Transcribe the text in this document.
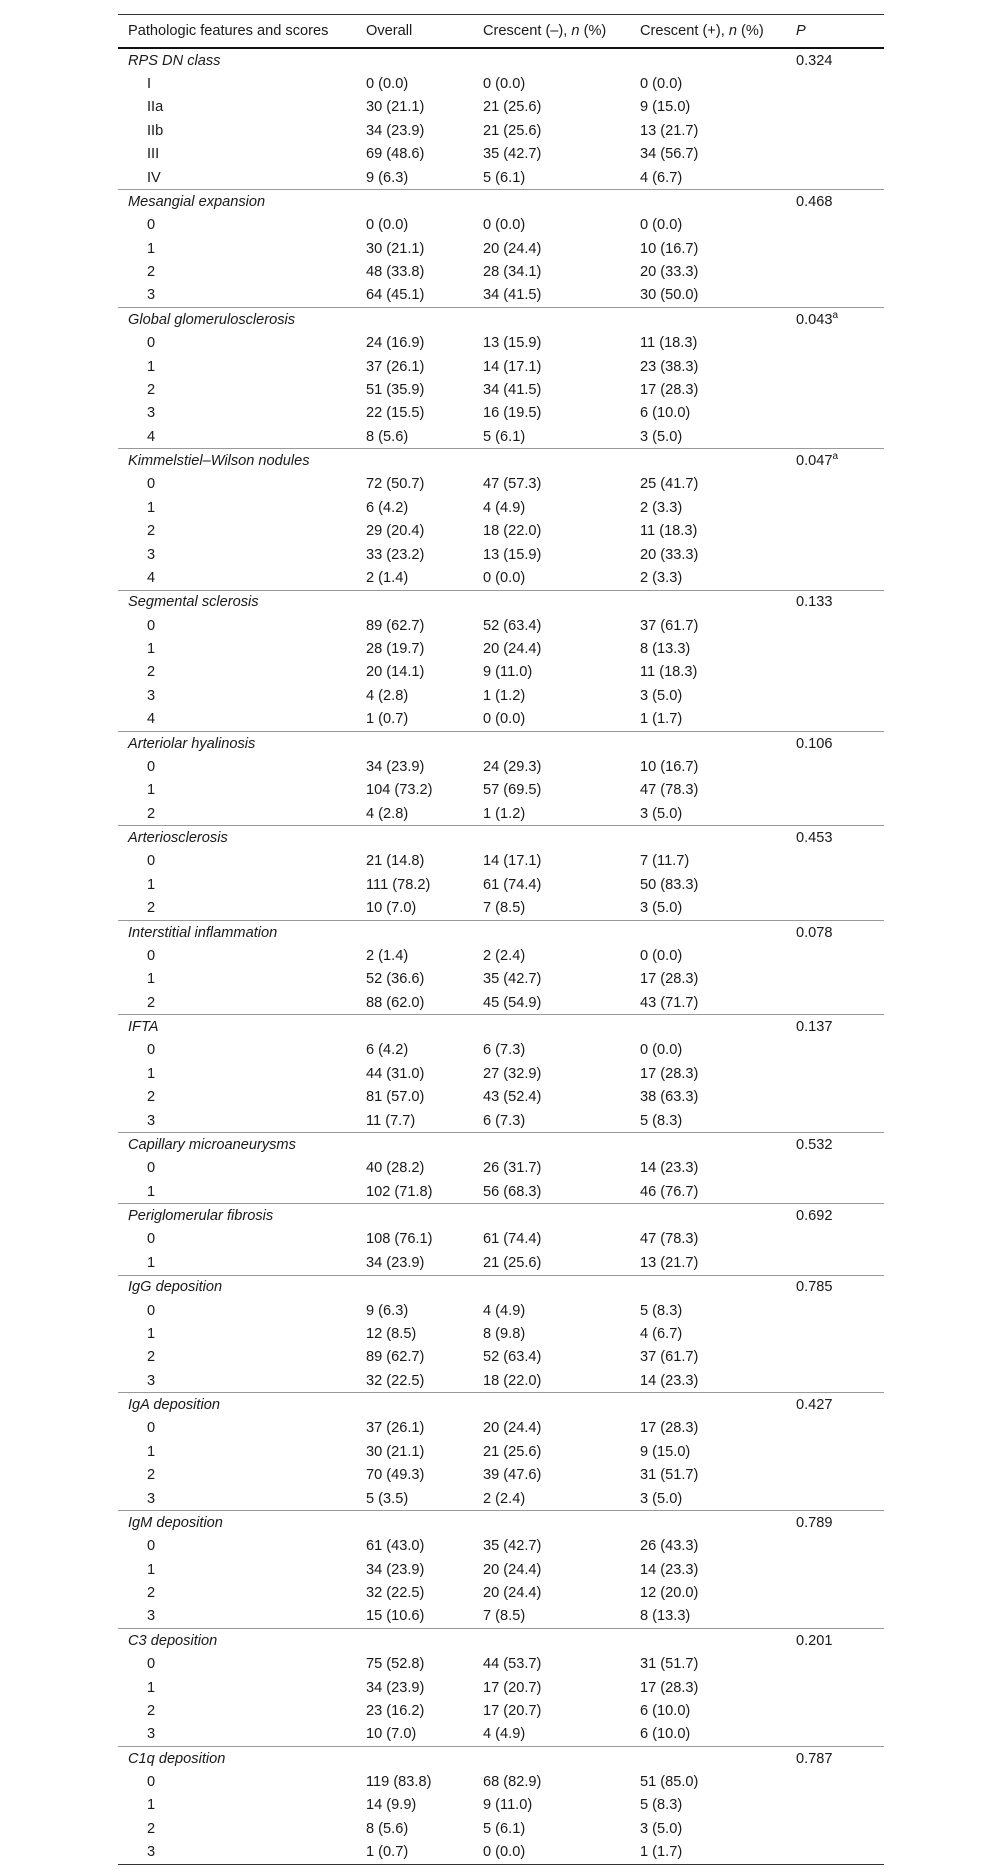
Pathologic features and scores	Overall	Crescent (–), n (%)	Crescent (+), n (%)	P
RPS DN class				0.324
I	0 (0.0)	0 (0.0)	0 (0.0)	
IIa	30 (21.1)	21 (25.6)	9 (15.0)	
IIb	34 (23.9)	21 (25.6)	13 (21.7)	
III	69 (48.6)	35 (42.7)	34 (56.7)	
IV	9 (6.3)	5 (6.1)	4 (6.7)	
Mesangial expansion				0.468
0	0 (0.0)	0 (0.0)	0 (0.0)	
1	30 (21.1)	20 (24.4)	10 (16.7)	
2	48 (33.8)	28 (34.1)	20 (33.3)	
3	64 (45.1)	34 (41.5)	30 (50.0)	
Global glomerulosclerosis				0.043$^a$
0	24 (16.9)	13 (15.9)	11 (18.3)	
1	37 (26.1)	14 (17.1)	23 (38.3)	
2	51 (35.9)	34 (41.5)	17 (28.3)	
3	22 (15.5)	16 (19.5)	6 (10.0)	
4	8 (5.6)	5 (6.1)	3 (5.0)	
Kimmelstiel–Wilson nodules				0.047$^a$
0	72 (50.7)	47 (57.3)	25 (41.7)	
1	6 (4.2)	4 (4.9)	2 (3.3)	
2	29 (20.4)	18 (22.0)	11 (18.3)	
3	33 (23.2)	13 (15.9)	20 (33.3)	
4	2 (1.4)	0 (0.0)	2 (3.3)	
Segmental sclerosis				0.133
0	89 (62.7)	52 (63.4)	37 (61.7)	
1	28 (19.7)	20 (24.4)	8 (13.3)	
2	20 (14.1)	9 (11.0)	11 (18.3)	
3	4 (2.8)	1 (1.2)	3 (5.0)	
4	1 (0.7)	0 (0.0)	1 (1.7)	
Arteriolar hyalinosis				0.106
0	34 (23.9)	24 (29.3)	10 (16.7)	
1	104 (73.2)	57 (69.5)	47 (78.3)	
2	4 (2.8)	1 (1.2)	3 (5.0)	
Arteriosclerosis				0.453
0	21 (14.8)	14 (17.1)	7 (11.7)	
1	111 (78.2)	61 (74.4)	50 (83.3)	
2	10 (7.0)	7 (8.5)	3 (5.0)	
Interstitial inflammation				0.078
0	2 (1.4)	2 (2.4)	0 (0.0)	
1	52 (36.6)	35 (42.7)	17 (28.3)	
2	88 (62.0)	45 (54.9)	43 (71.7)	
IFTA				0.137
0	6 (4.2)	6 (7.3)	0 (0.0)	
1	44 (31.0)	27 (32.9)	17 (28.3)	
2	81 (57.0)	43 (52.4)	38 (63.3)	
3	11 (7.7)	6 (7.3)	5 (8.3)	
Capillary microaneurysms				0.532
0	40 (28.2)	26 (31.7)	14 (23.3)	
1	102 (71.8)	56 (68.3)	46 (76.7)	
Periglomerular fibrosis				0.692
0	108 (76.1)	61 (74.4)	47 (78.3)	
1	34 (23.9)	21 (25.6)	13 (21.7)	
IgG deposition				0.785
0	9 (6.3)	4 (4.9)	5 (8.3)	
1	12 (8.5)	8 (9.8)	4 (6.7)	
2	89 (62.7)	52 (63.4)	37 (61.7)	
3	32 (22.5)	18 (22.0)	14 (23.3)	
IgA deposition				0.427
0	37 (26.1)	20 (24.4)	17 (28.3)	
1	30 (21.1)	21 (25.6)	9 (15.0)	
2	70 (49.3)	39 (47.6)	31 (51.7)	
3	5 (3.5)	2 (2.4)	3 (5.0)	
IgM deposition				0.789
0	61 (43.0)	35 (42.7)	26 (43.3)	
1	34 (23.9)	20 (24.4)	14 (23.3)	
2	32 (22.5)	20 (24.4)	12 (20.0)	
3	15 (10.6)	7 (8.5)	8 (13.3)	
C3 deposition				0.201
0	75 (52.8)	44 (53.7)	31 (51.7)	
1	34 (23.9)	17 (20.7)	17 (28.3)	
2	23 (16.2)	17 (20.7)	6 (10.0)	
3	10 (7.0)	4 (4.9)	6 (10.0)	
C1q deposition				0.787
0	119 (83.8)	68 (82.9)	51 (85.0)	
1	14 (9.9)	9 (11.0)	5 (8.3)	
2	8 (5.6)	5 (6.1)	3 (5.0)	
3	1 (0.7)	0 (0.0)	1 (1.7)	
